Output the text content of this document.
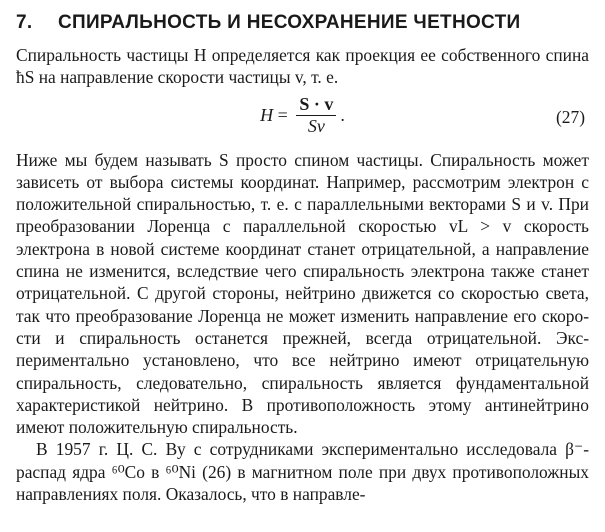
7. СПИРАЛЬНОСТЬ И НЕСОХРАНЕНИЕ ЧЕТНОСТИ

Спиральность частицы H определяется как проекция ее собственного спина ħS на направление скорости частицы v, т. е.

$H = \frac{S \cdot v}{Sv}$ .	(27)

Ниже мы будем называть S просто спином частицы. Спиральность может зависеть от выбора системы координат. Например, рассмотрим электрон с положительной спиральностью, т. е. с параллельными векторами S и v. При преобразовании Лоренца с параллельной скоростью vL > v скорость электрона в новой системе координат станет отрицательной, а направление спина не изменится, вследствие чего спиральность электрона также станет отрицательной. С другой стороны, нейтрино движется со скоростью света, так что преобразование Лоренца не может изменить направление его скорости и спиральность останется прежней, всегда отрицательной. Экспериментально установлено, что все нейтрино имеют отрицательную спиральность, следовательно, спиральность является фундаментальной характеристикой нейтрино. В противоположность этому антинейтрино имеют положительную спиральность.

В 1957 г. Ц. С. Ву с сотрудниками экспериментально исследовала β⁻-распад ядра ⁶⁰Co в ⁶⁰Ni (26) в магнитном поле при двух противоположных направлениях поля. Оказалось, что в направле-
